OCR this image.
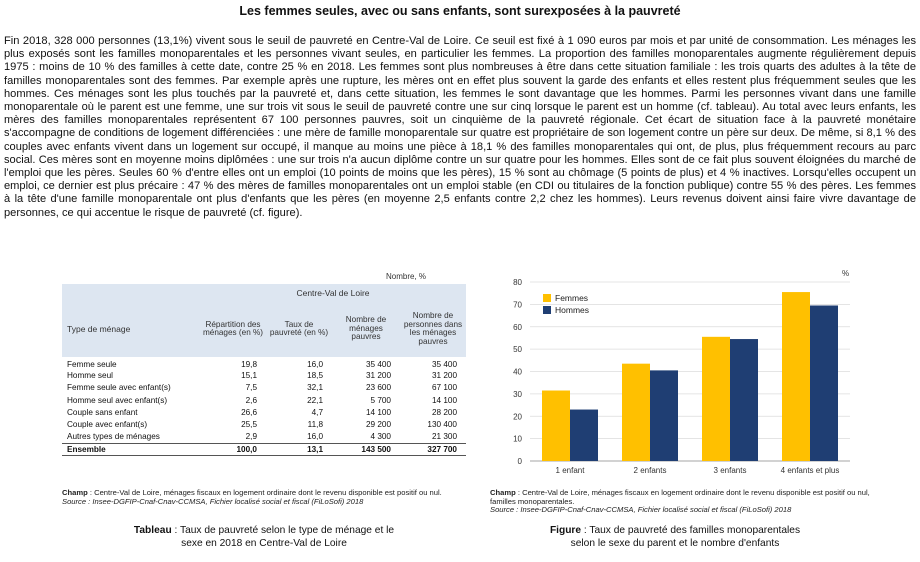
Les femmes seules, avec ou sans enfants, sont surexposées à la pauvreté

Fin 2018, 328 000 personnes (13,1%) vivent sous le seuil de pauvreté en Centre-Val de Loire. Ce seuil est fixé à 1 090 euros par mois et par unité de consommation. Les ménages les plus exposés sont les familles monoparentales et les personnes vivant seules, en particulier les femmes. La proportion des familles monoparentales augmente régulièrement depuis 1975 : moins de 10 % des familles à cette date, contre 25 % en 2018. Les femmes sont plus nombreuses à être dans cette situation familiale : les trois quarts des adultes à la tête de familles monoparentales sont des femmes. Par exemple après une rupture, les mères ont en effet plus souvent la garde des enfants et elles restent plus fréquemment seules que les hommes. Ces ménages sont les plus touchés par la pauvreté et, dans cette situation, les femmes le sont davantage que les hommes. Parmi les personnes vivant dans une famille monoparentale où le parent est une femme, une sur trois vit sous le seuil de pauvreté contre une sur cinq lorsque le parent est un homme (cf. tableau). Au total avec leurs enfants, les mères des familles monoparentales représentent 67 100 personnes pauvres, soit un cinquième de la pauvreté régionale. Cet écart de situation face à la pauvreté monétaire s'accompagne de conditions de logement différenciées : une mère de famille monoparentale sur quatre est propriétaire de son logement contre un père sur deux. De même, si 8,1 % des couples avec enfants vivent dans un logement sur occupé, il manque au moins une pièce à 18,1 % des familles monoparentales qui ont, de plus, plus fréquemment recours au parc social. Ces mères sont en moyenne moins diplômées : une sur trois n'a aucun diplôme contre un sur quatre pour les hommes. Elles sont de ce fait plus souvent éloignées du marché de l'emploi que les pères. Seules 60 % d'entre elles ont un emploi (10 points de moins que les pères), 15 % sont au chômage (5 points de plus) et 4 % inactives. Lorsqu'elles occupent un emploi, ce dernier est plus précaire : 47 % des mères de familles monoparentales ont un emploi stable (en CDI ou titulaires de la fonction publique) contre 55 % des pères. Les femmes à la tête d'une famille monoparentale ont plus d'enfants que les pères (en moyenne 2,5 enfants contre 2,2 chez les hommes). Leurs revenus doivent ainsi faire vivre davantage de personnes, ce qui accentue le risque de pauvreté (cf. figure).

Nombre, %
	Centre-Val de Loire			
Type de ménage	Répartition des ménages (en %)	Taux de pauvreté (en %)	Nombre de ménages pauvres	Nombre de personnes dans les ménages pauvres
Femme seule	19,8	16,0	35 400	35 400
Homme seul	15,1	18,5	31 200	31 200
Femme seule avec enfant(s)	7,5	32,1	23 600	67 100
Homme seul avec enfant(s)	2,6	22,1	5 700	14 100
Couple sans enfant	26,6	4,7	14 100	28 200
Couple avec enfant(s)	25,5	11,8	29 200	130 400
Autres types de ménages	2,9	16,0	4 300	21 300
Ensemble	100,0	13,1	143 500	327 700
Champ : Centre-Val de Loire, ménages fiscaux en logement ordinaire dont le revenu disponible est positif ou nul.
Source : Insee-DGFIP-Cnaf-Cnav-CCMSA, Fichier localisé social et fiscal (FiLoSofi) 2018
Tableau : Taux de pauvreté selon le type de ménage et le
sexe en 2018 en Centre-Val de Loire
%
0
10
20
30
40
50
60
70
80
1 enfant	2 enfants	3 enfants	4 enfants et plus
Femmes
Hommes
Champ : Centre-Val de Loire, ménages fiscaux en logement ordinaire dont le revenu disponible est positif ou nul, familles monoparentales.
Source : Insee-DGFIP-Cnaf-Cnav-CCMSA, Fichier localisé social et fiscal (FiLoSofi) 2018
Figure : Taux de pauvreté des familles monoparentales
selon le sexe du parent et le nombre d'enfants
